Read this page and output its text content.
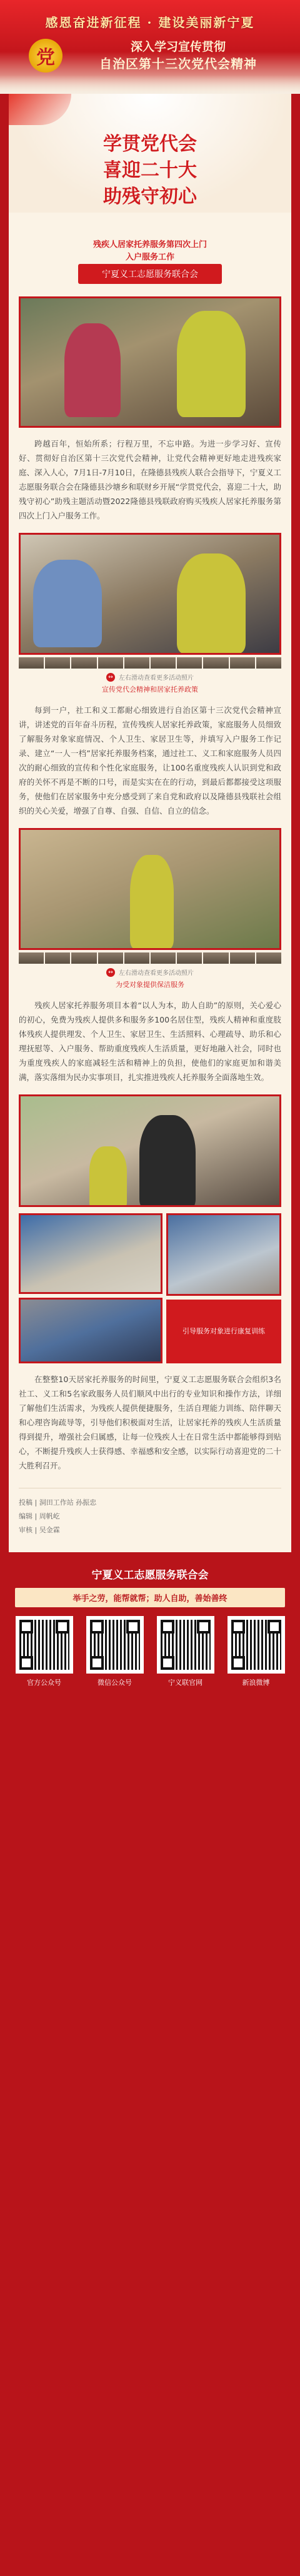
感恩奋进新征程 · 建设美丽新宁夏
党	深入学习宣传贯彻
自治区第十三次党代会精神
学贯党代会
喜迎二十大
助残守初心
残疾人居家托养服务第四次上门
入户服务工作
宁夏义工志愿服务联合会

跨越百年，恒始所系；行程万里，不忘申路。为进一步学习好、宣传好、贯彻好自治区第十三次党代会精神，让党代会精神更好地走进残疾家庭、深入人心，7月1日-7月10日，在隆德县残疾人联合会指导下，宁夏义工志愿服务联合会在隆德县沙塘乡和联财乡开展“学贯党代会，喜迎二十大，助残守初心”助残主题活动暨2022隆德县残联政府购买残疾人居家托养服务第四次上门入户服务工作。

↔ 左右滑动查看更多活动照片
宣传党代会精神和居家托养政策

每到一户，社工和义工都耐心细致进行自治区第十三次党代会精神宣讲，讲述党的百年奋斗历程，宣传残疾人居家托养政策，家庭服务人员细致了解服务对象家庭情况、个人卫生、家居卫生等，并填写入户服务工作记录、建立“一人一档”居家托养服务档案，通过社工、义工和家庭服务人员四次的耐心细致的宣传和个性化家庭服务，让100名重度残疾人认识到党和政府的关怀不再是不断的口号，而是实实在在的行动，到最后都都接受这项服务，使他们在居家服务中充分感受到了来自党和政府以及隆德县残联社会组织的关心关爱，增强了自尊、自强、自信、自立的信念。

↔ 左右滑动查看更多活动照片
为受对象提供保洁服务

残疾人居家托养服务项目本着“以人为本，助人自助”的原则，关心爱心的初心，免费为残疾人提供多和服务多100名居住型，残疾人精神和重度肢体残疾人提供理发、个人卫生、家居卫生、生活照料、心理疏导、助乐和心理抚慰等、入户服务、帮助重度残疾人生活质量，更好地融入社会，同时也为重度残疾人的家庭减轻生活和精神上的负担，使他们的家庭更加和谐美满，落实落细为民办实事项目，扎实推进残疾人托养服务全面落地生效。

引导服务对象进行康复训练

在整整10天居家托养服务的时间里，宁夏义工志愿服务联合会组织3名社工、义工和5名家政服务人员们顺风中出行的专业知识和操作方法，详细了解他们生活需求，为残疾人提供便捷服务，生活自理能力训练、陪伴聊天和心理咨询疏导等，引导他们积极面对生活，让居家托养的残疾人生活质量得到提升，增强社会归属感，让每一位残疾人士在日常生活中都能够得到贴心，不断提升残疾人士获得感、幸福感和安全感，以实际行动喜迎党的二十大胜利召开。

投稿 | 洞田工作站 孙振忠
编辑 | 周帆屹
审核 | 吴金霖
宁夏义工志愿服务联合会
举手之劳，能帮就帮；助人自助，善始善终
官方公众号	微信公众号	宁义联官网	新浪微博
